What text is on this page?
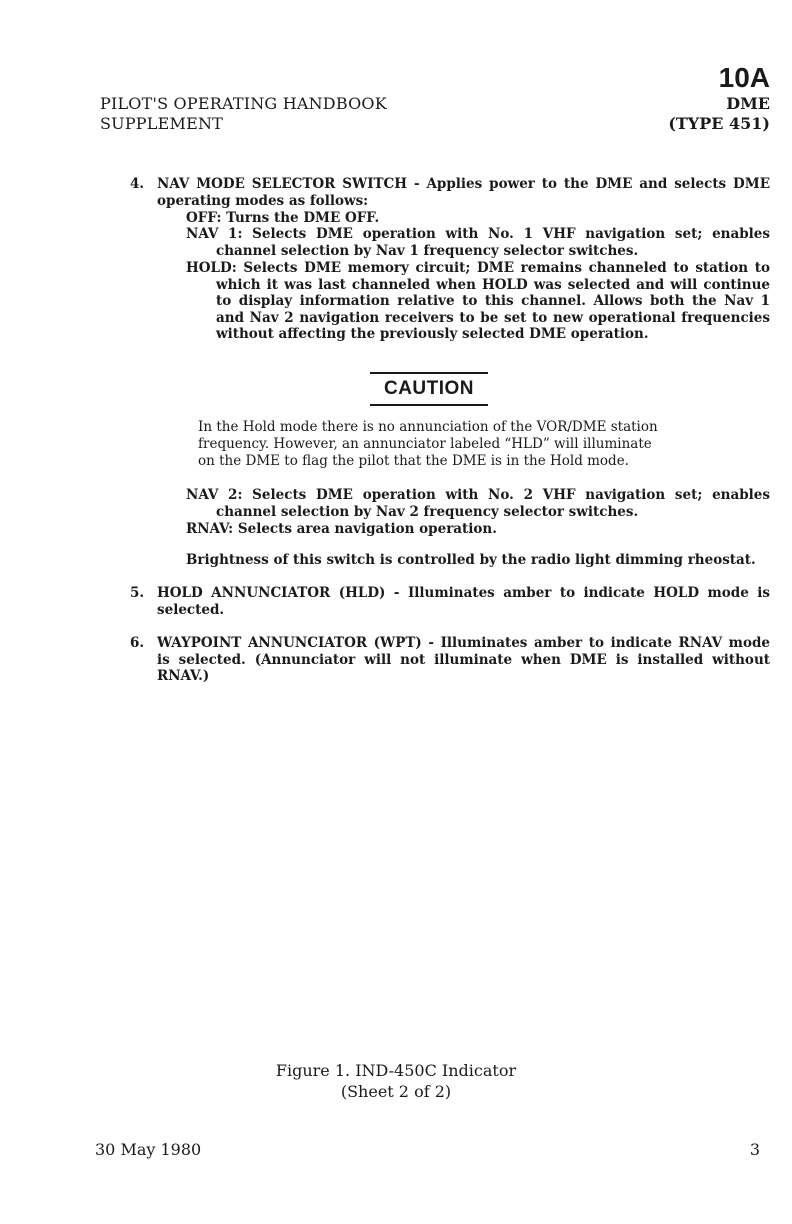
PILOT'S OPERATING HANDBOOK
SUPPLEMENT
10A
DME
(TYPE 451)
4. NAV MODE SELECTOR SWITCH - Applies power to the DME and selects DME operating modes as follows:
OFF: Turns the DME OFF.
NAV 1: Selects DME operation with No. 1 VHF navigation set; enables
channel selection by Nav 1 frequency selector switches.
HOLD: Selects DME memory circuit; DME remains channeled to station to
which it was last channeled when HOLD was selected and will continue to display information relative to this channel. Allows both the Nav 1 and Nav 2 navigation receivers to be set to new operational frequencies without affecting the previously selected DME operation.
CAUTION
In the Hold mode there is no annunciation of the VOR/DME station
frequency. However, an annunciator labeled “HLD” will illuminate
on the DME to flag the pilot that the DME is in the Hold mode.
NAV 2: Selects DME operation with No. 2 VHF navigation set; enables
channel selection by Nav 2 frequency selector switches.
RNAV: Selects area navigation operation.
Brightness of this switch is controlled by the radio light dimming rheostat.
5. HOLD ANNUNCIATOR (HLD) - Illuminates amber to indicate HOLD mode is selected.
6. WAYPOINT ANNUNCIATOR (WPT) - Illuminates amber to indicate RNAV mode is selected. (Annunciator will not illuminate when DME is installed without RNAV.)
Figure 1. IND-450C Indicator
(Sheet 2 of 2)
30 May 1980	3
